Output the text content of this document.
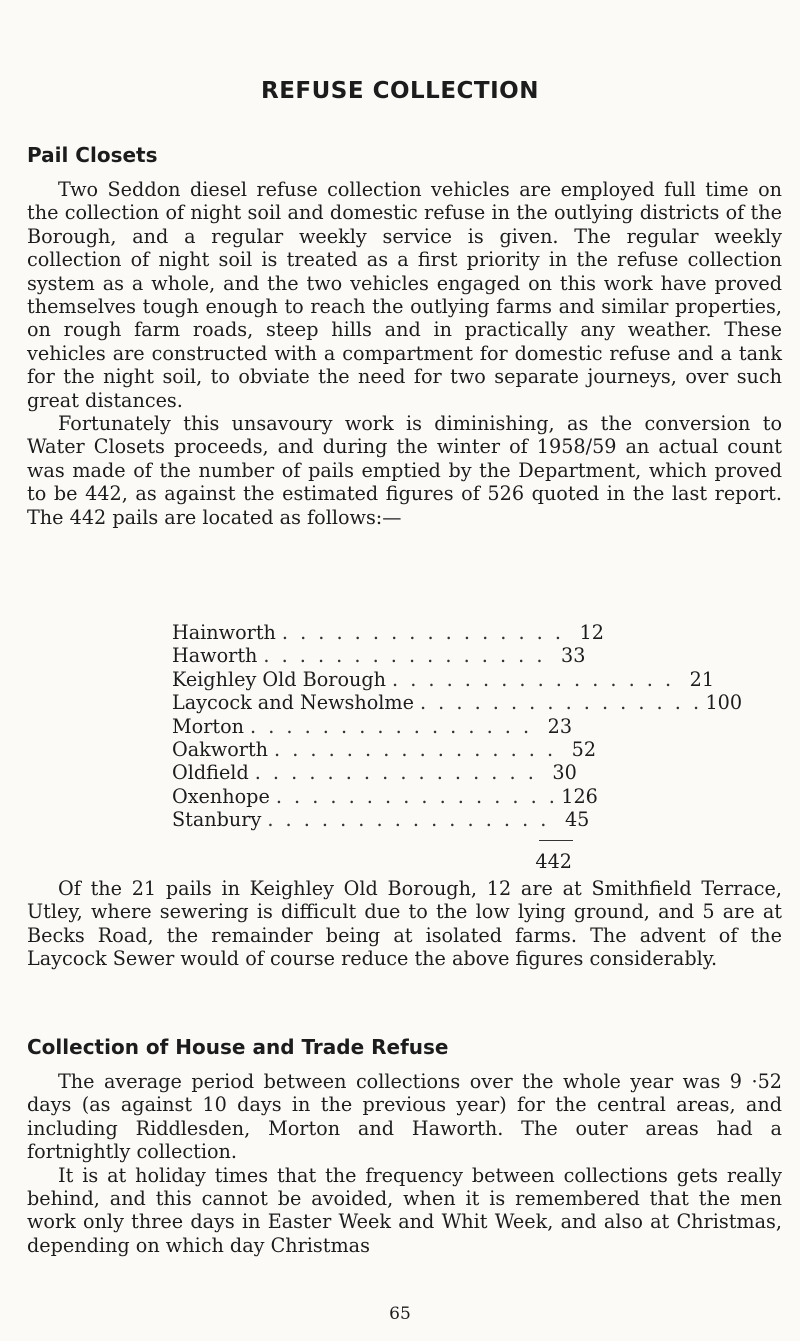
REFUSE COLLECTION
Pail Closets

Two Seddon diesel refuse collection vehicles are employed full time on the collection of night soil and domestic refuse in the outlying districts of the Borough, and a regular weekly service is given. The regular weekly collection of night soil is treated as a first priority in the refuse collection system as a whole, and the two vehicles engaged on this work have proved themselves tough enough to reach the outlying farms and similar properties, on rough farm roads, steep hills and in practically any weather. These vehicles are constructed with a compartment for domestic refuse and a tank for the night soil, to obviate the need for two separate journeys, over such great distances.

Fortunately this unsavoury work is diminishing, as the conversion to Water Closets proceeds, and during the winter of 1958/59 an actual count was made of the number of pails emptied by the Department, which proved to be 442, as against the estimated figures of 526 quoted in the last report. The 442 pails are located as follows:—

Hainworth . . . . . . . . . . . . . . . . 12
Haworth . . . . . . . . . . . . . . . . 33
Keighley Old Borough . . . . . . . . . . . . . . . . 21
Laycock and Newsholme . . . . . . . . . . . . . . . . 100
Morton . . . . . . . . . . . . . . . . 23
Oakworth . . . . . . . . . . . . . . . . 52
Oldfield . . . . . . . . . . . . . . . . 30
Oxenhope . . . . . . . . . . . . . . . . 126
Stanbury . . . . . . . . . . . . . . . . 45
442

Of the 21 pails in Keighley Old Borough, 12 are at Smithfield Terrace, Utley, where sewering is difficult due to the low lying ground, and 5 are at Becks Road, the remainder being at isolated farms. The advent of the Laycock Sewer would of course reduce the above figures considerably.

Collection of House and Trade Refuse

The average period between collections over the whole year was 9 ·52 days (as against 10 days in the previous year) for the central areas, and including Riddlesden, Morton and Haworth. The outer areas had a fortnightly collection.

It is at holiday times that the frequency between collections gets really behind, and this cannot be avoided, when it is remembered that the men work only three days in Easter Week and Whit Week, and also at Christmas, depending on which day Christmas

65
